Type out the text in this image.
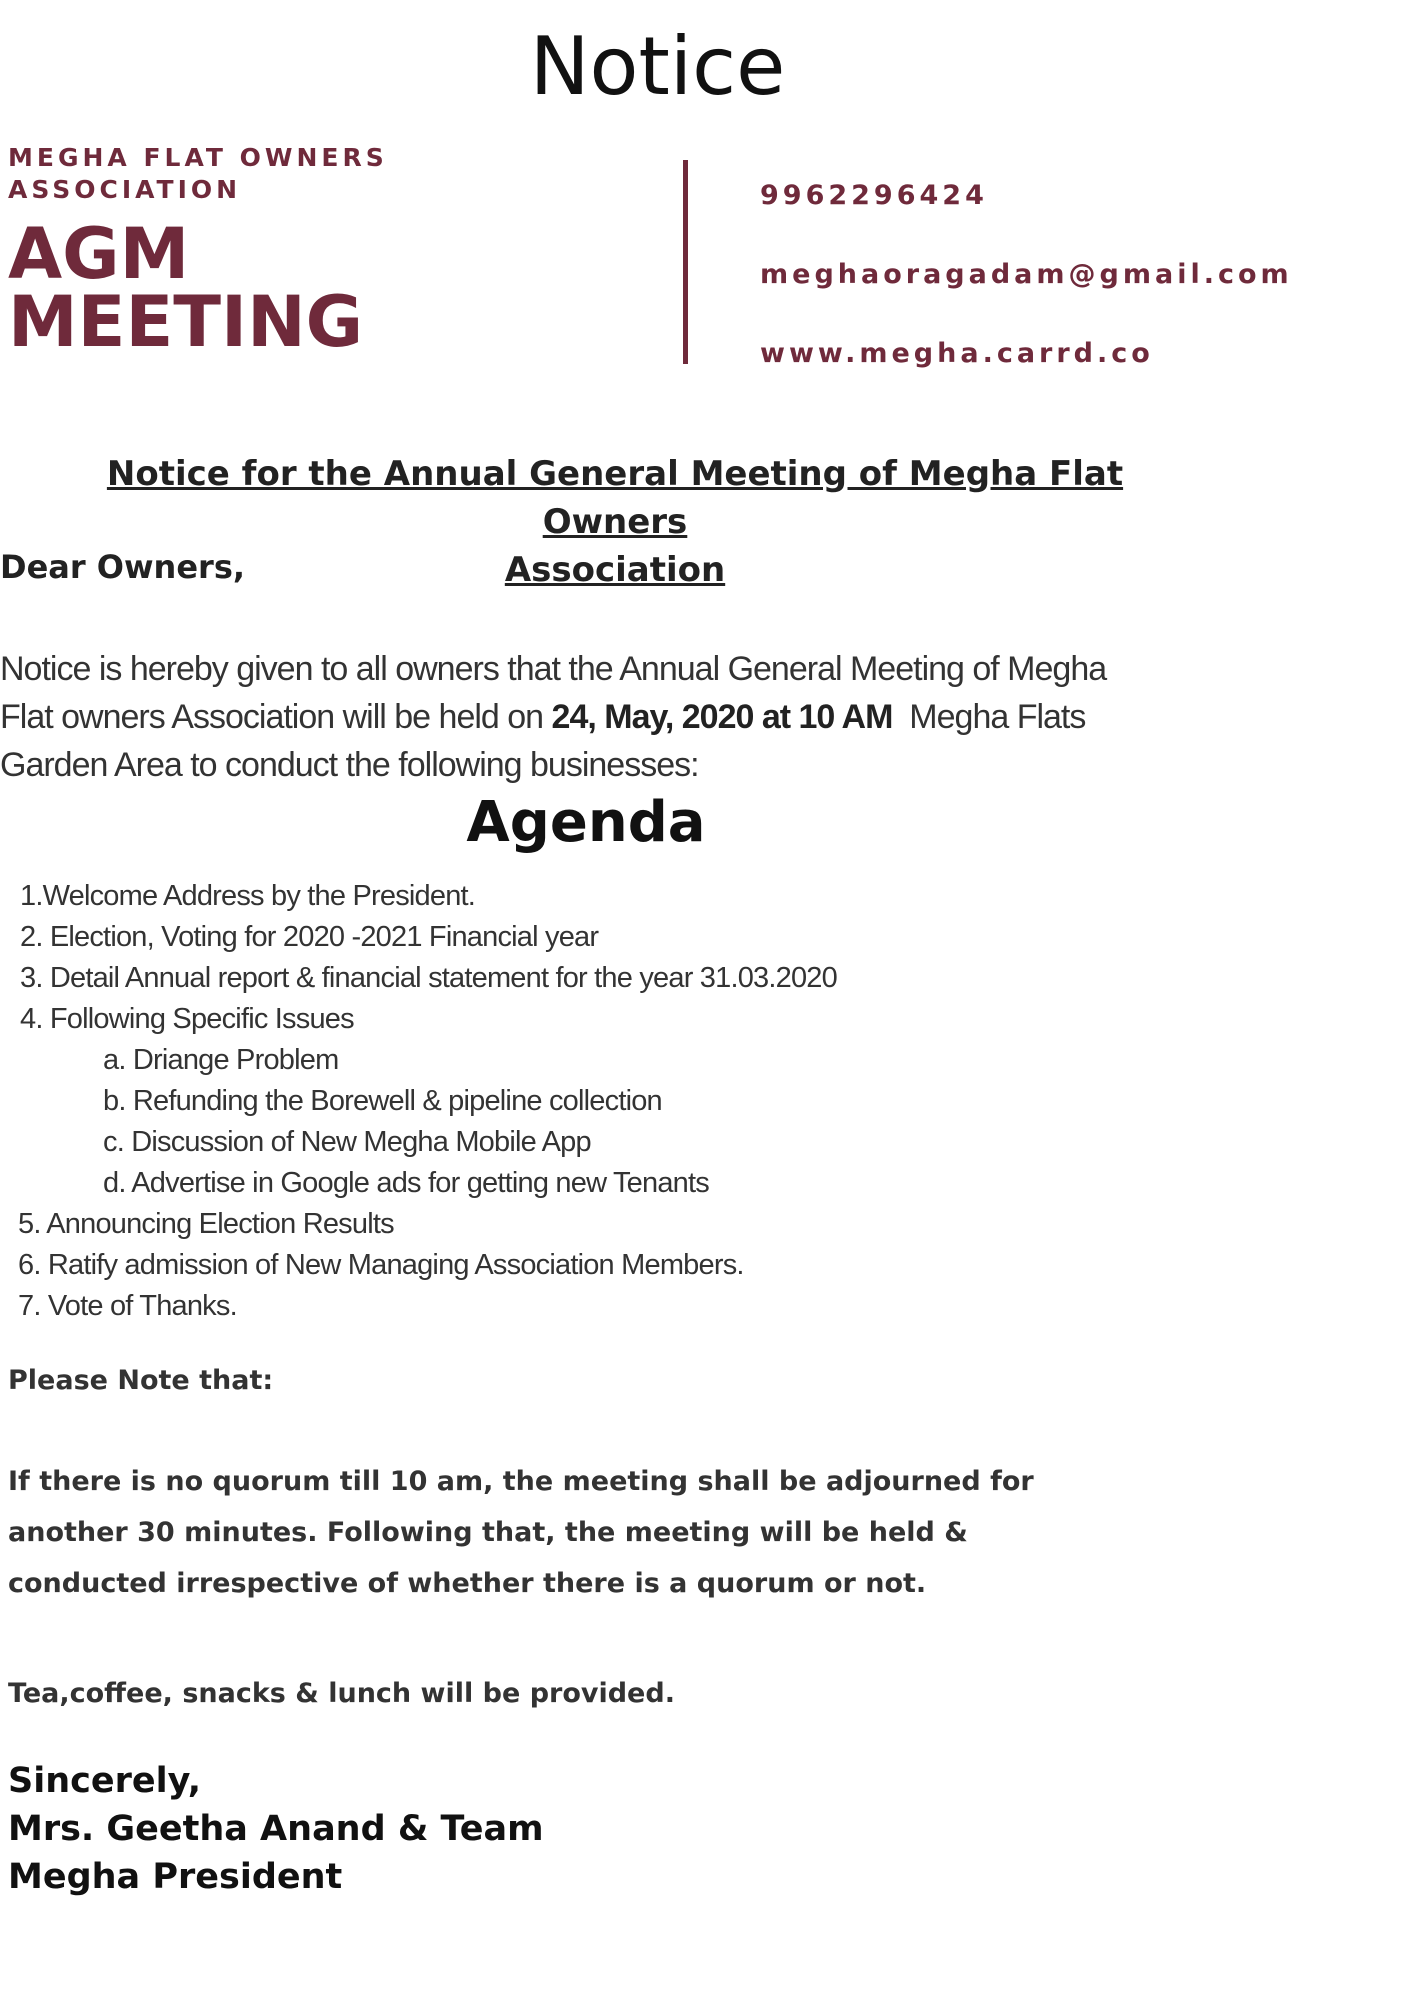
Notice
MEGHA FLAT OWNERS
ASSOCIATION
AGM
MEETING
9962296424
meghaoragadam@gmail.com
www.megha.carrd.co
Notice for the Annual General Meeting of Megha Flat Owners
Association
Dear Owners,
Notice is hereby given to all owners that the Annual General Meeting of Megha
Flat owners Association will be held on 24, May, 2020 at 10 AM  Megha Flats
Garden Area to conduct the following businesses:
Agenda
1.Welcome Address by the President.
2. Election, Voting for 2020 -2021 Financial year
3. Detail Annual report & financial statement for the year 31.03.2020
4. Following Specific Issues
a. Driange Problem
b. Refunding the Borewell & pipeline collection
c. Discussion of New Megha Mobile App
d. Advertise in Google ads for getting new Tenants
5. Announcing Election Results
6. Ratify admission of New Managing Association Members.
7. Vote of Thanks.
Please Note that:
If there is no quorum till 10 am, the meeting shall be adjourned for
another 30 minutes. Following that, the meeting will be held &
conducted irrespective of whether there is a quorum or not.
Tea,coffee, snacks & lunch will be provided.
Sincerely,
Mrs. Geetha Anand & Team
Megha President
